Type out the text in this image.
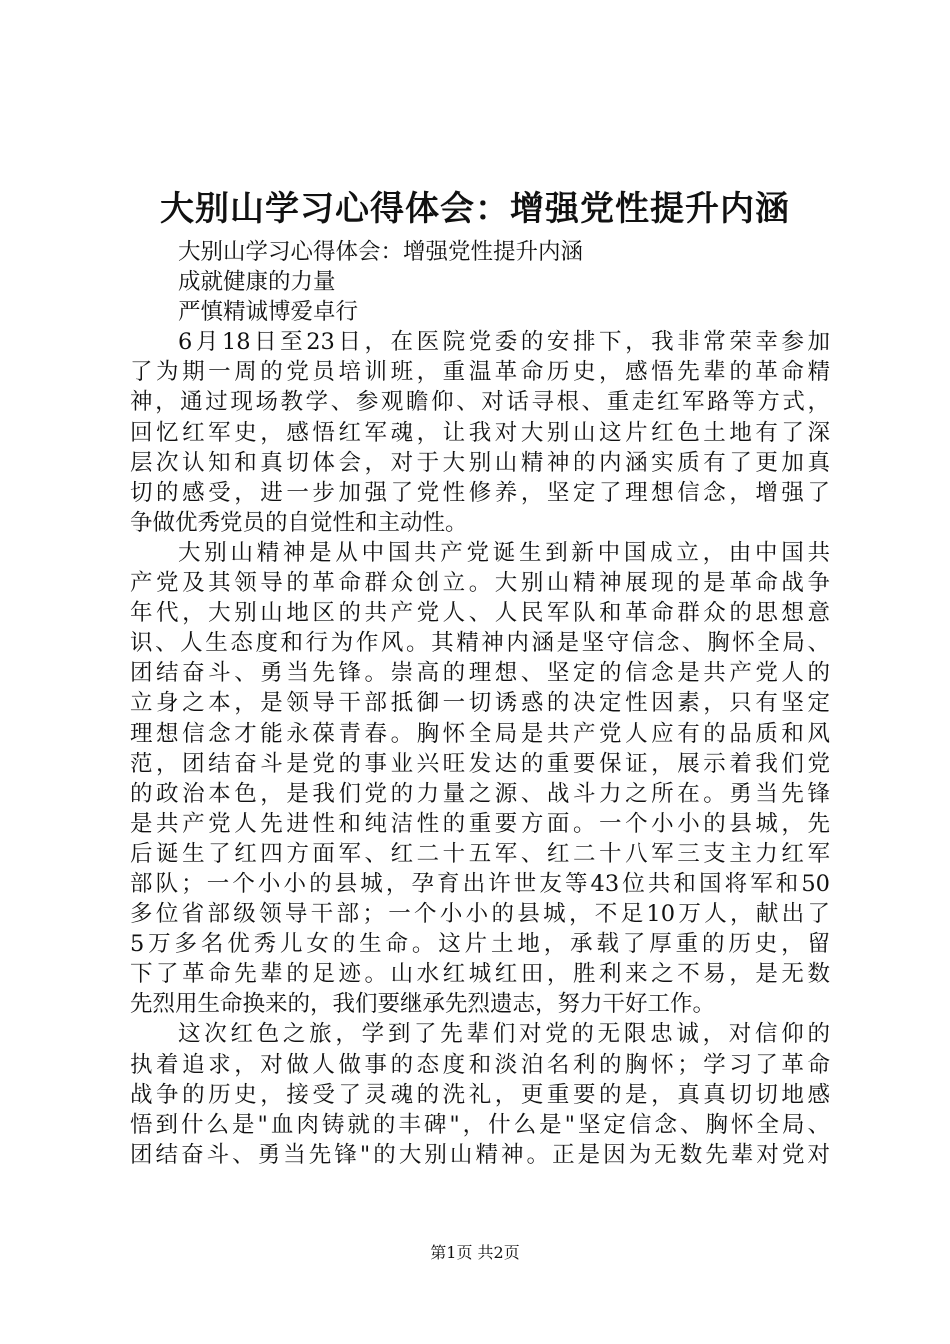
大别山学习心得体会：增强党性提升内涵
大别山学习心得体会：增强党性提升内涵
成就健康的力量
严慎精诚博爱卓行
6月18日至23日，在医院党委的安排下，我非常荣幸参加
了为期一周的党员培训班，重温革命历史，感悟先辈的革命精
神，通过现场教学、参观瞻仰、对话寻根、重走红军路等方式，
回忆红军史，感悟红军魂，让我对大别山这片红色土地有了深
层次认知和真切体会，对于大别山精神的内涵实质有了更加真
切的感受，进一步加强了党性修养，坚定了理想信念，增强了
争做优秀党员的自觉性和主动性。
大别山精神是从中国共产党诞生到新中国成立，由中国共
产党及其领导的革命群众创立。大别山精神展现的是革命战争
年代，大别山地区的共产党人、人民军队和革命群众的思想意
识、人生态度和行为作风。其精神内涵是坚守信念、胸怀全局、
团结奋斗、勇当先锋。崇高的理想、坚定的信念是共产党人的
立身之本，是领导干部抵御一切诱惑的决定性因素，只有坚定
理想信念才能永葆青春。胸怀全局是共产党人应有的品质和风
范，团结奋斗是党的事业兴旺发达的重要保证，展示着我们党
的政治本色，是我们党的力量之源、战斗力之所在。勇当先锋
是共产党人先进性和纯洁性的重要方面。一个小小的县城，先
后诞生了红四方面军、红二十五军、红二十八军三支主力红军
部队；一个小小的县城，孕育出许世友等43位共和国将军和50
多位省部级领导干部；一个小小的县城，不足10万人，献出了
5万多名优秀儿女的生命。这片土地，承载了厚重的历史，留
下了革命先辈的足迹。山水红城红田，胜利来之不易，是无数
先烈用生命换来的，我们要继承先烈遗志，努力干好工作。
这次红色之旅，学到了先辈们对党的无限忠诚，对信仰的
执着追求，对做人做事的态度和淡泊名利的胸怀；学习了革命
战争的历史，接受了灵魂的洗礼，更重要的是，真真切切地感
悟到什么是"血肉铸就的丰碑"，什么是"坚定信念、胸怀全局、
团结奋斗、勇当先锋"的大别山精神。正是因为无数先辈对党对
第1页 共2页
